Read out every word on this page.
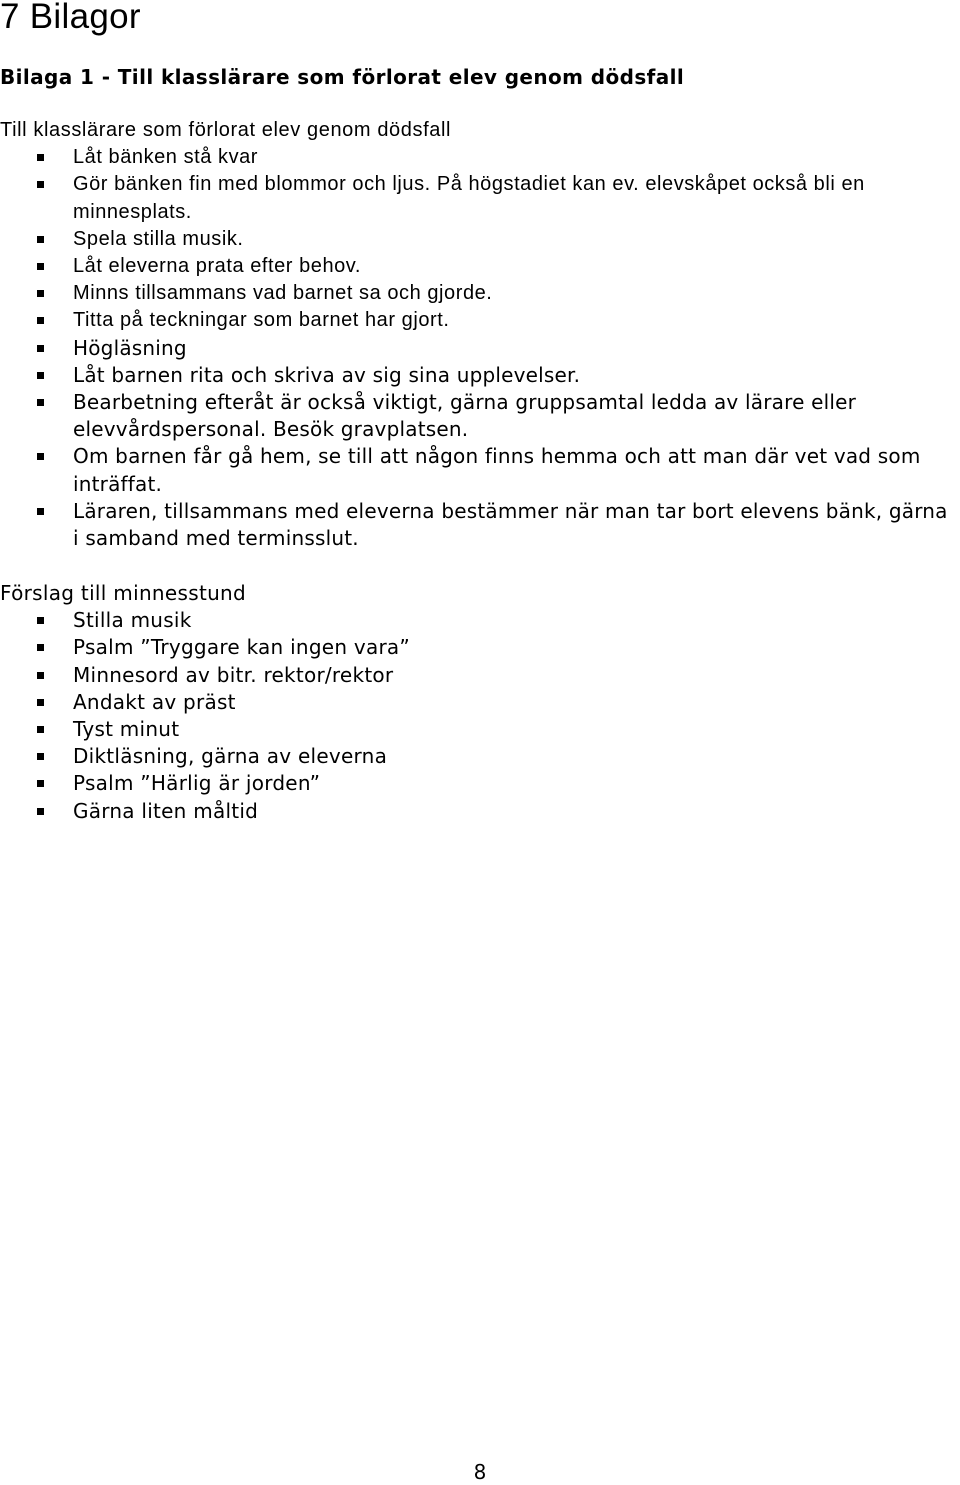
7 Bilagor
Bilaga 1 - Till klasslärare som förlorat elev genom dödsfall

Till klasslärare som förlorat elev genom dödsfall

Låt bänken stå kvar
Gör bänken fin med blommor och ljus. På högstadiet kan ev. elevskåpet också bli en minnesplats.
Spela stilla musik.
Låt eleverna prata efter behov.
Minns tillsammans vad barnet sa och gjorde.
Titta på teckningar som barnet har gjort.
Högläsning
Låt barnen rita och skriva av sig sina upplevelser.
Bearbetning efteråt är också viktigt, gärna gruppsamtal ledda av lärare eller elevvårdspersonal. Besök gravplatsen.
Om barnen får gå hem, se till att någon finns hemma och att man där vet vad som inträffat.
Läraren, tillsammans med eleverna bestämmer när man tar bort elevens bänk, gärna i samband med terminsslut.

Förslag till minnesstund

Stilla musik
Psalm ”Tryggare kan ingen vara”
Minnesord av bitr. rektor/rektor
Andakt av präst
Tyst minut
Diktläsning, gärna av eleverna
Psalm ”Härlig är jorden”
Gärna liten måltid
8
